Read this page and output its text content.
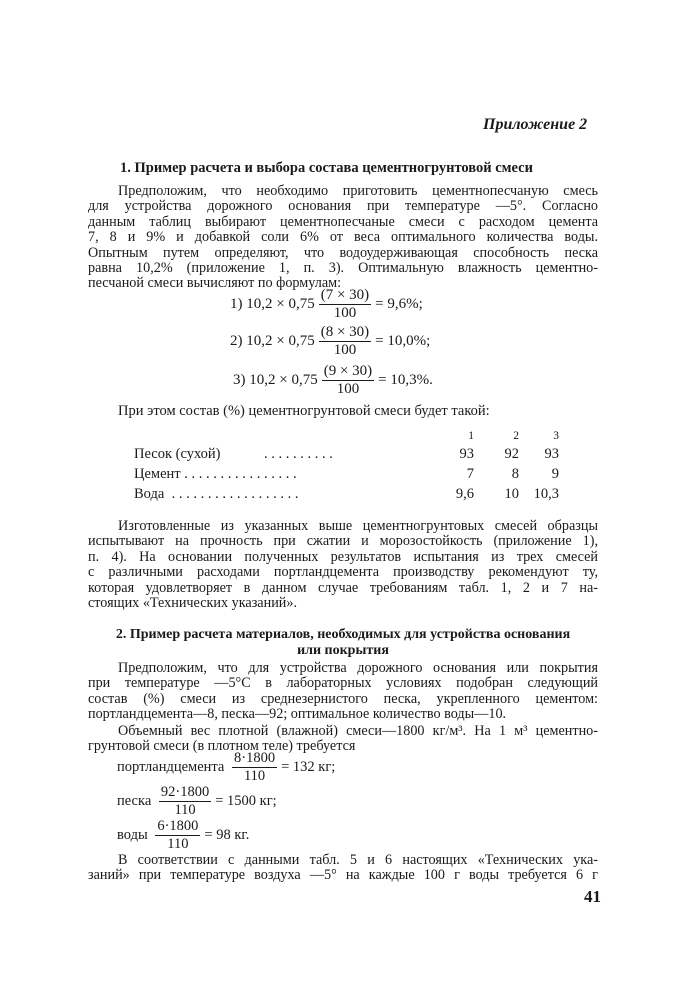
Приложение 2
1. Пример расчета и выбора состава цементногрунтовой смеси
Предположим, что необходимо приготовить цементнопесчаную смесь
для устройства дорожного основания при температуре —5°. Согласно
данным таблиц выбирают цементнопесчаные смеси с расходом цемента
7, 8 и 9% и добавкой соли 6% от веса оптимального количества воды.
Опытным путем определяют, что водоудерживающая способность песка
равна 10,2% (приложение 1, п. 3). Оптимальную влажность цементно-
песчаной смеси вычисляют по формулам:
1)
$10,2 \times 0,75 \frac{(7 \times 30)}{100} = 9,6\%$;
2)
$10,2 \times 0,75 \frac{(8 \times 30)}{100} = 10,0\%$;
3)
$10,2 \times 0,75 \frac{(9 \times 30)}{100} = 10,3\%$.
При этом состав (%) цементногрунтовой смеси будет такой:
1	2	3
Песок (сухой)	. . . . . . . . . .	93	92	93
Цемент . . . . . . . . . . . . . . . .	7	8	9
Вода . . . . . . . . . . . . . . . . . .	9,6	10	10,3
Изготовленные из указанных выше цементногрунтовых смесей образцы
испытывают на прочность при сжатии и морозостойкость (приложение 1),
п. 4). На основании полученных результатов испытания из трех смесей
с различными расходами портландцемента производству рекомендуют ту,
которая удовлетворяет в данном случае требованиям табл. 1, 2 и 7 на-
стоящих «Технических указаний».
2. Пример расчета материалов, необходимых для устройства основания
или покрытия
Предположим, что для устройства дорожного основания или покрытия
при температуре —5°С в лабораторных условиях подобран следующий
состав (%) смеси из среднезернистого песка, укрепленного цементом:
портландцемента—8, песка—92; оптимальное количество воды—10.
Объемный вес плотной (влажной) смеси—1800 кг/м³. На 1 м³ цементно-
грунтовой смеси (в плотном теле) требуется
портландцемента
$\frac{8\cdot 1800}{110} = 132$ кг;
песка
$\frac{92\cdot 1800}{110} = 1500$ кг;
воды
$\frac{6\cdot 1800}{110} = 98$ кг.
В соответствии с данными табл. 5 и 6 настоящих «Технических ука-
заний» при температуре воздуха —5° на каждые 100 г воды требуется 6 г
41
